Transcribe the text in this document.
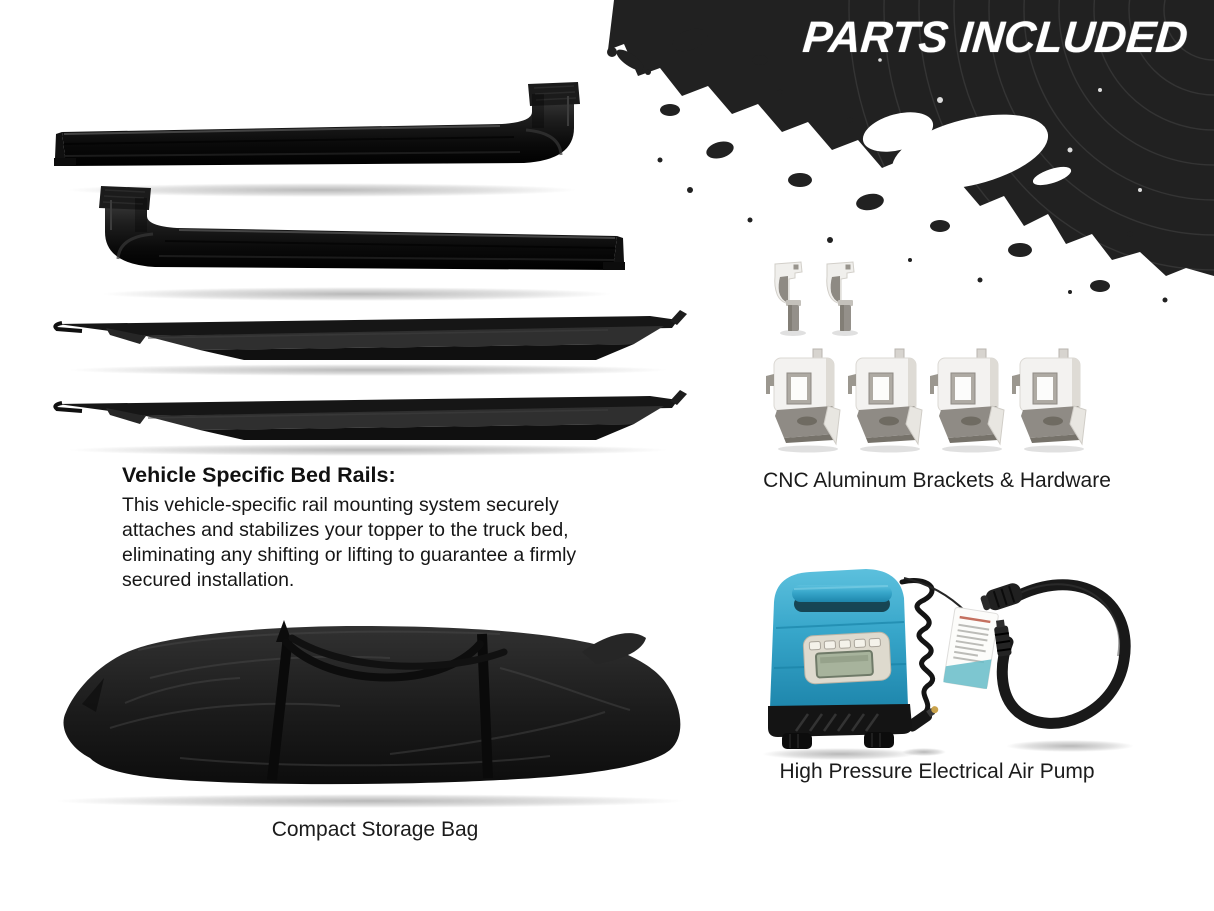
PARTS INCLUDED
Vehicle Specific Bed Rails:

This vehicle-specific rail mounting system securely attaches and stabilizes your topper to the truck bed, eliminating any shifting or lifting to guarantee a firmly secured installation.

CNC Aluminum Brackets & Hardware
High Pressure Electrical Air Pump
Compact Storage Bag
